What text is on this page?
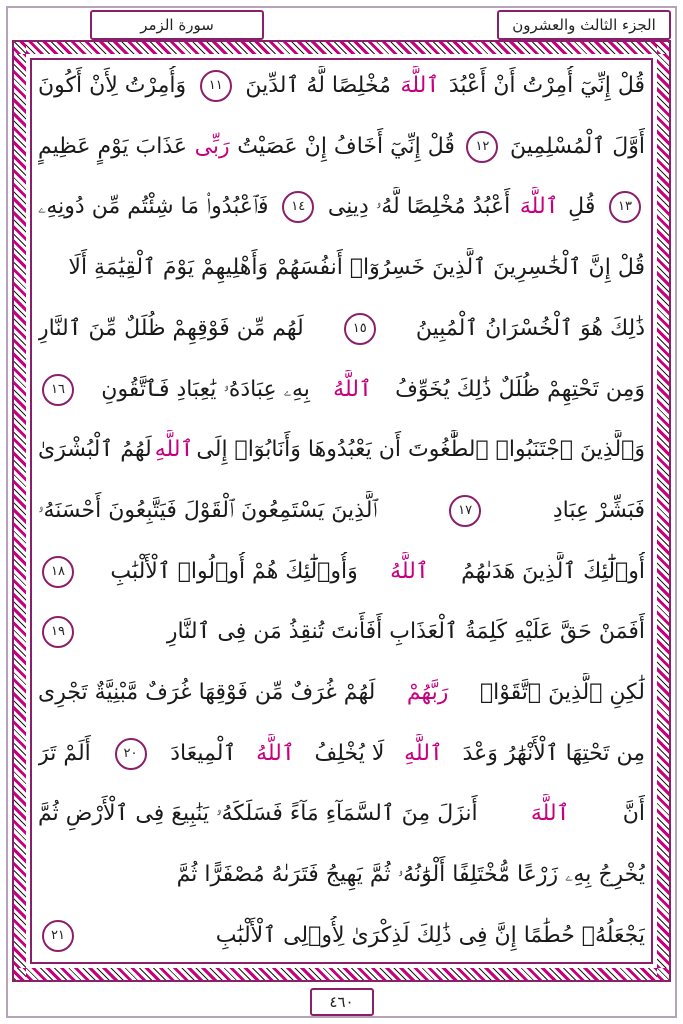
الجزء الثالث والعشرون
سورة الزمر
قُلْ إِنِّيٓ أُمِرْتُ أَنْ أَعْبُدَ
ٱللَّهَ
مُخْلِصًا لَّهُ ٱلدِّينَ
١١
وَأُمِرْتُ لِأَنْ أَكُونَ
أَوَّلَ ٱلْمُسْلِمِينَ
١٢
قُلْ إِنِّيٓ أَخَافُ إِنْ عَصَيْتُ
رَبِّى
عَذَابَ يَوْمٍ عَظِيمٍ
١٣
قُلِ
ٱللَّهَ
أَعْبُدُ مُخْلِصًا لَّهُۥ دِينِى
١٤
فَٱعْبُدُوا۟ مَا شِئْتُم مِّن دُونِهِۦ
قُلْ إِنَّ ٱلْخَٰسِرِينَ ٱلَّذِينَ خَسِرُوٓا۟ أَنفُسَهُمْ وَأَهْلِيهِمْ يَوْمَ ٱلْقِيَٰمَةِ أَلَا
ذَٰلِكَ هُوَ ٱلْخُسْرَانُ ٱلْمُبِينُ
١٥
لَهُم مِّن فَوْقِهِمْ ظُلَلٌ مِّنَ ٱلنَّارِ
وَمِن تَحْتِهِمْ ظُلَلٌ ذَٰلِكَ يُخَوِّفُ
ٱللَّهُ
بِهِۦ عِبَادَهُۥ يَٰعِبَادِ فَٱتَّقُونِ
١٦
وَٱلَّذِينَ ٱجْتَنَبُوا۟ ٱلطَّٰغُوتَ أَن يَعْبُدُوهَا وَأَنَابُوٓا۟ إِلَى
ٱللَّهِ
لَهُمُ ٱلْبُشْرَىٰ
فَبَشِّرْ عِبَادِ
١٧
ٱلَّذِينَ يَسْتَمِعُونَ ٱلْقَوْلَ فَيَتَّبِعُونَ أَحْسَنَهُۥ
أُو۟لَٰٓئِكَ ٱلَّذِينَ هَدَىٰهُمُ
ٱللَّهُ
وَأُو۟لَٰٓئِكَ هُمْ أُو۟لُوا۟ ٱلْأَلْبَٰبِ
١٨
أَفَمَنْ حَقَّ عَلَيْهِ كَلِمَةُ ٱلْعَذَابِ أَفَأَنتَ تُنقِذُ مَن فِى ٱلنَّارِ
١٩
لَٰكِنِ ٱلَّذِينَ ٱتَّقَوْا۟
رَبَّهُمْ
لَهُمْ غُرَفٌ مِّن فَوْقِهَا غُرَفٌ مَّبْنِيَّةٌ تَجْرِى
مِن تَحْتِهَا ٱلْأَنْهَٰرُ وَعْدَ
ٱللَّهِ
لَا يُخْلِفُ
ٱللَّهُ
ٱلْمِيعَادَ
٢٠
أَلَمْ تَرَ
أَنَّ
ٱللَّهَ
أَنزَلَ مِنَ ٱلسَّمَآءِ مَآءً فَسَلَكَهُۥ يَنَٰبِيعَ فِى ٱلْأَرْضِ ثُمَّ
يُخْرِجُ بِهِۦ زَرْعًا مُّخْتَلِفًا أَلْوَٰنُهُۥ ثُمَّ يَهِيجُ فَتَرَىٰهُ مُصْفَرًّا ثُمَّ
يَجْعَلُهُۥ حُطَٰمًا إِنَّ فِى ذَٰلِكَ لَذِكْرَىٰ لِأُو۟لِى ٱلْأَلْبَٰبِ
٢١
٤٦٠
